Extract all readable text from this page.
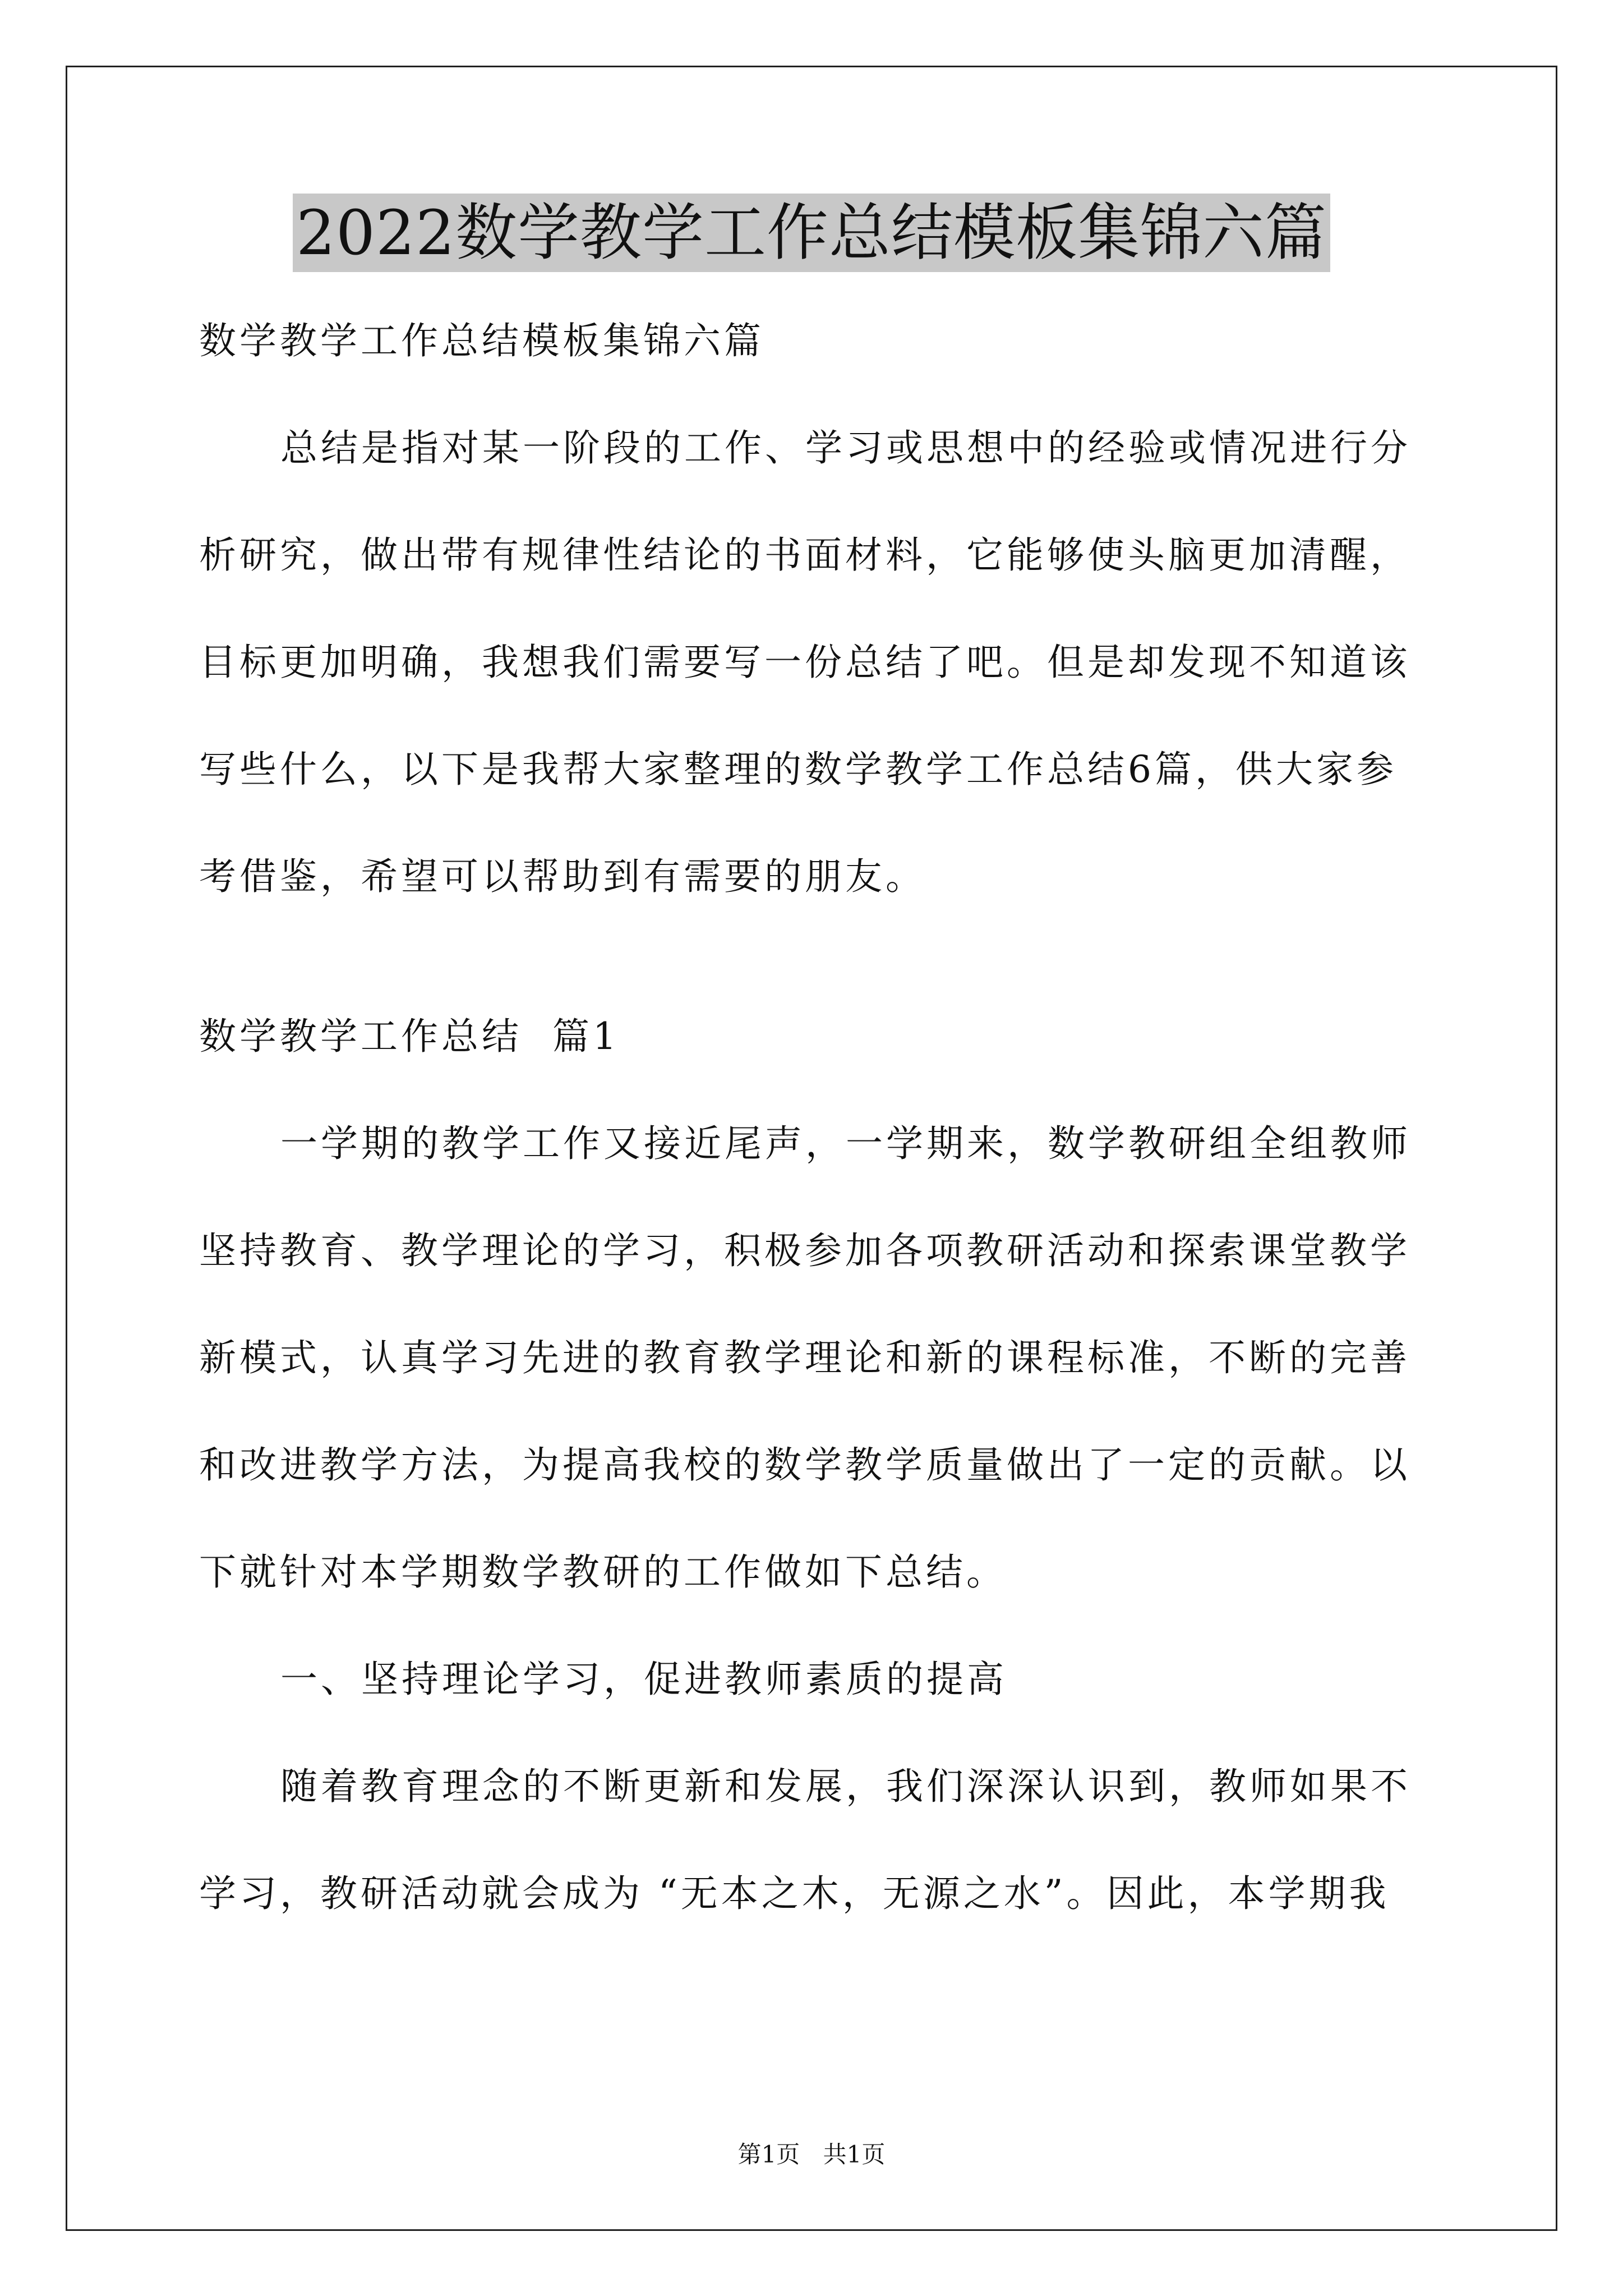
2022数学教学工作总结模板集锦六篇

数学教学工作总结模板集锦六篇

总结是指对某一阶段的工作、学习或思想中的经验或情况进行分

析研究，做出带有规律性结论的书面材料，它能够使头脑更加清醒，

目标更加明确，我想我们需要写一份总结了吧。但是却发现不知道该

写些什么，以下是我帮大家整理的数学教学工作总结6篇，供大家参

考借鉴，希望可以帮助到有需要的朋友。

数学教学工作总结  篇1

一学期的教学工作又接近尾声，一学期来，数学教研组全组教师

坚持教育、教学理论的学习，积极参加各项教研活动和探索课堂教学

新模式，认真学习先进的教育教学理论和新的课程标准，不断的完善

和改进教学方法，为提高我校的数学教学质量做出了一定的贡献。以

下就针对本学期数学教研的工作做如下总结。

一、坚持理论学习，促进教师素质的提高

随着教育理念的不断更新和发展，我们深深认识到，教师如果不

学习，教研活动就会成为 “无本之木，无源之水”。因此，本学期我

第1页 共1页
